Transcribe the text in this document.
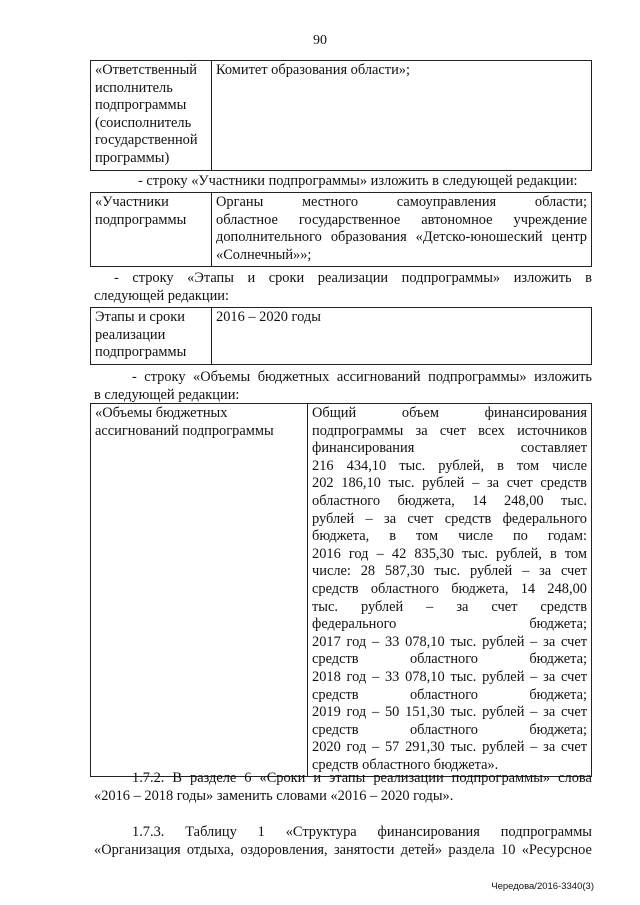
90
«Ответственный
исполнитель
подпрограммы
(соисполнитель
государственной
программы)

Комитет образования области»;
- строку «Участники подпрограммы» изложить в следующей редакции:
«Участники
подпрограммы

Органы	местного	самоуправления	области;
областное государственное автономное учреждение
дополнительного образования «Детско-юношеский центр
«Солнечный»»;
- строку «Этапы и сроки реализации подпрограммы» изложить в
следующей редакции:
Этапы и сроки
реализации
подпрограммы

2016 – 2020 годы
- строку «Объемы бюджетных ассигнований подпрограммы» изложить
в следующей редакции:
«Объемы бюджетных
ассигнований подпрограммы

Общий	объем	финансирования
подпрограммы за счет всех источников
финансирования	составляет
216 434,10 тыс. рублей, в том числе
202 186,10 тыс. рублей – за счет средств
областного бюджета, 14 248,00 тыс.
рублей – за счет средств федерального
бюджета, в том числе по годам:
2016 год – 42 835,30 тыс. рублей, в том
числе: 28 587,30 тыс. рублей – за счет
средств областного бюджета, 14 248,00
тыс. рублей – за счет средств
федерального	бюджета;
2017 год – 33 078,10 тыс. рублей – за счет
средств	областного	бюджета;
2018 год – 33 078,10 тыс. рублей – за счет
средств	областного	бюджета;
2019 год – 50 151,30 тыс. рублей – за счет
средств	областного	бюджета;
2020 год – 57 291,30 тыс. рублей – за счет
средств областного бюджета».
1.7.2. В разделе 6 «Сроки и этапы реализации подпрограммы» слова
«2016 – 2018 годы» заменить словами «2016 – 2020 годы».
1.7.3. Таблицу 1 «Структура финансирования подпрограммы
«Организация отдыха, оздоровления, занятости детей» раздела 10 «Ресурсное
Чередова/2016-3340(3)
